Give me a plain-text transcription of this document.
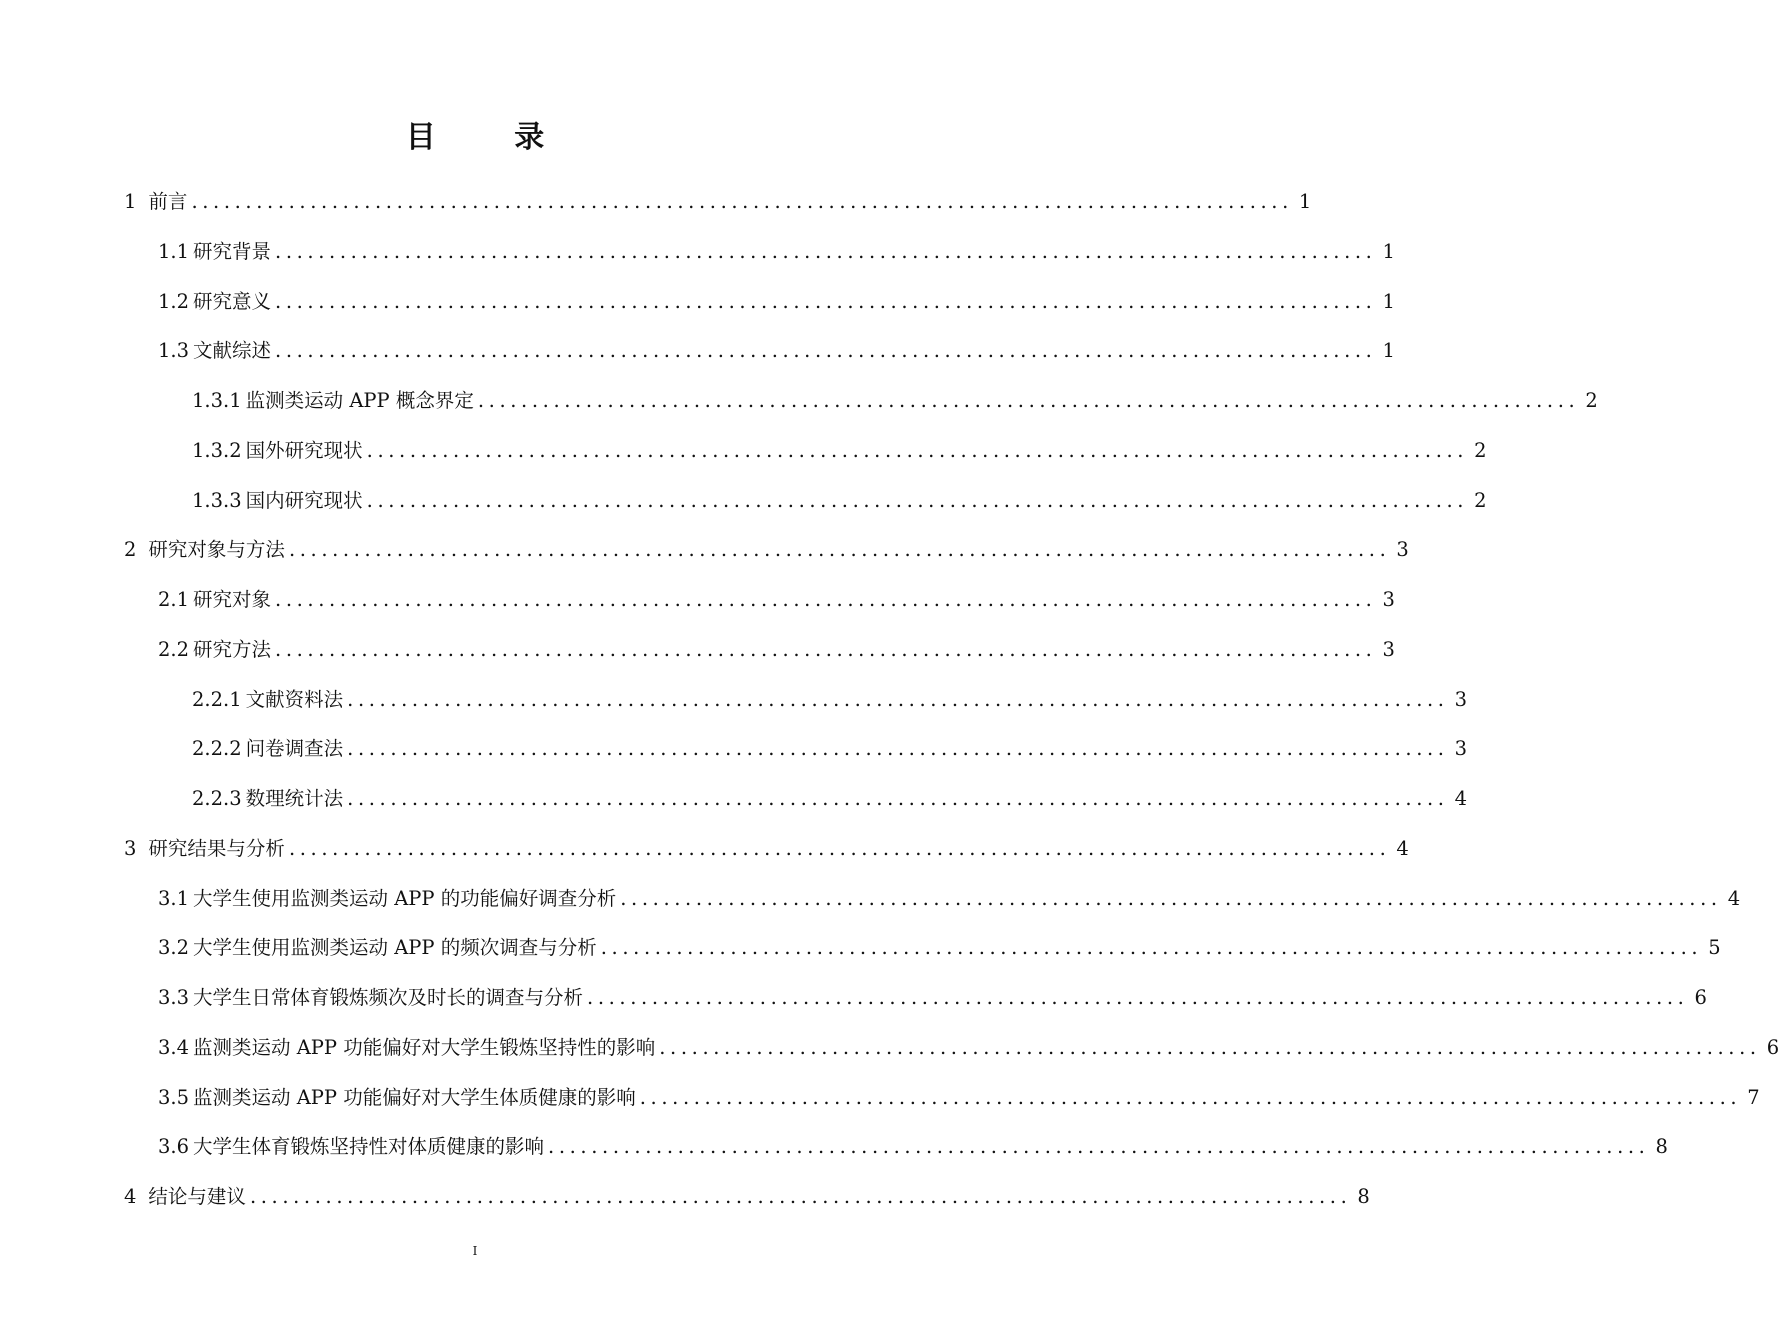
目 录
1 前言 ...................................................................................................... 1
1.1 研究背景 ...................................................................................................... 1
1.2 研究意义 ...................................................................................................... 1
1.3 文献综述 ...................................................................................................... 1
1.3.1 监测类运动 APP 概念界定 ...................................................................................................... 2
1.3.2 国外研究现状 ...................................................................................................... 2
1.3.3 国内研究现状 ...................................................................................................... 2
2 研究对象与方法 ...................................................................................................... 3
2.1 研究对象 ...................................................................................................... 3
2.2 研究方法 ...................................................................................................... 3
2.2.1 文献资料法 ...................................................................................................... 3
2.2.2 问卷调查法 ...................................................................................................... 3
2.2.3 数理统计法 ...................................................................................................... 4
3 研究结果与分析 ...................................................................................................... 4
3.1 大学生使用监测类运动 APP 的功能偏好调查分析 ...................................................................................................... 4
3.2 大学生使用监测类运动 APP 的频次调查与分析 ...................................................................................................... 5
3.3 大学生日常体育锻炼频次及时长的调查与分析 ...................................................................................................... 6
3.4 监测类运动 APP 功能偏好对大学生锻炼坚持性的影响 ...................................................................................................... 6
3.5 监测类运动 APP 功能偏好对大学生体质健康的影响 ...................................................................................................... 7
3.6 大学生体育锻炼坚持性对体质健康的影响 ...................................................................................................... 8
4 结论与建议 ...................................................................................................... 8
I
